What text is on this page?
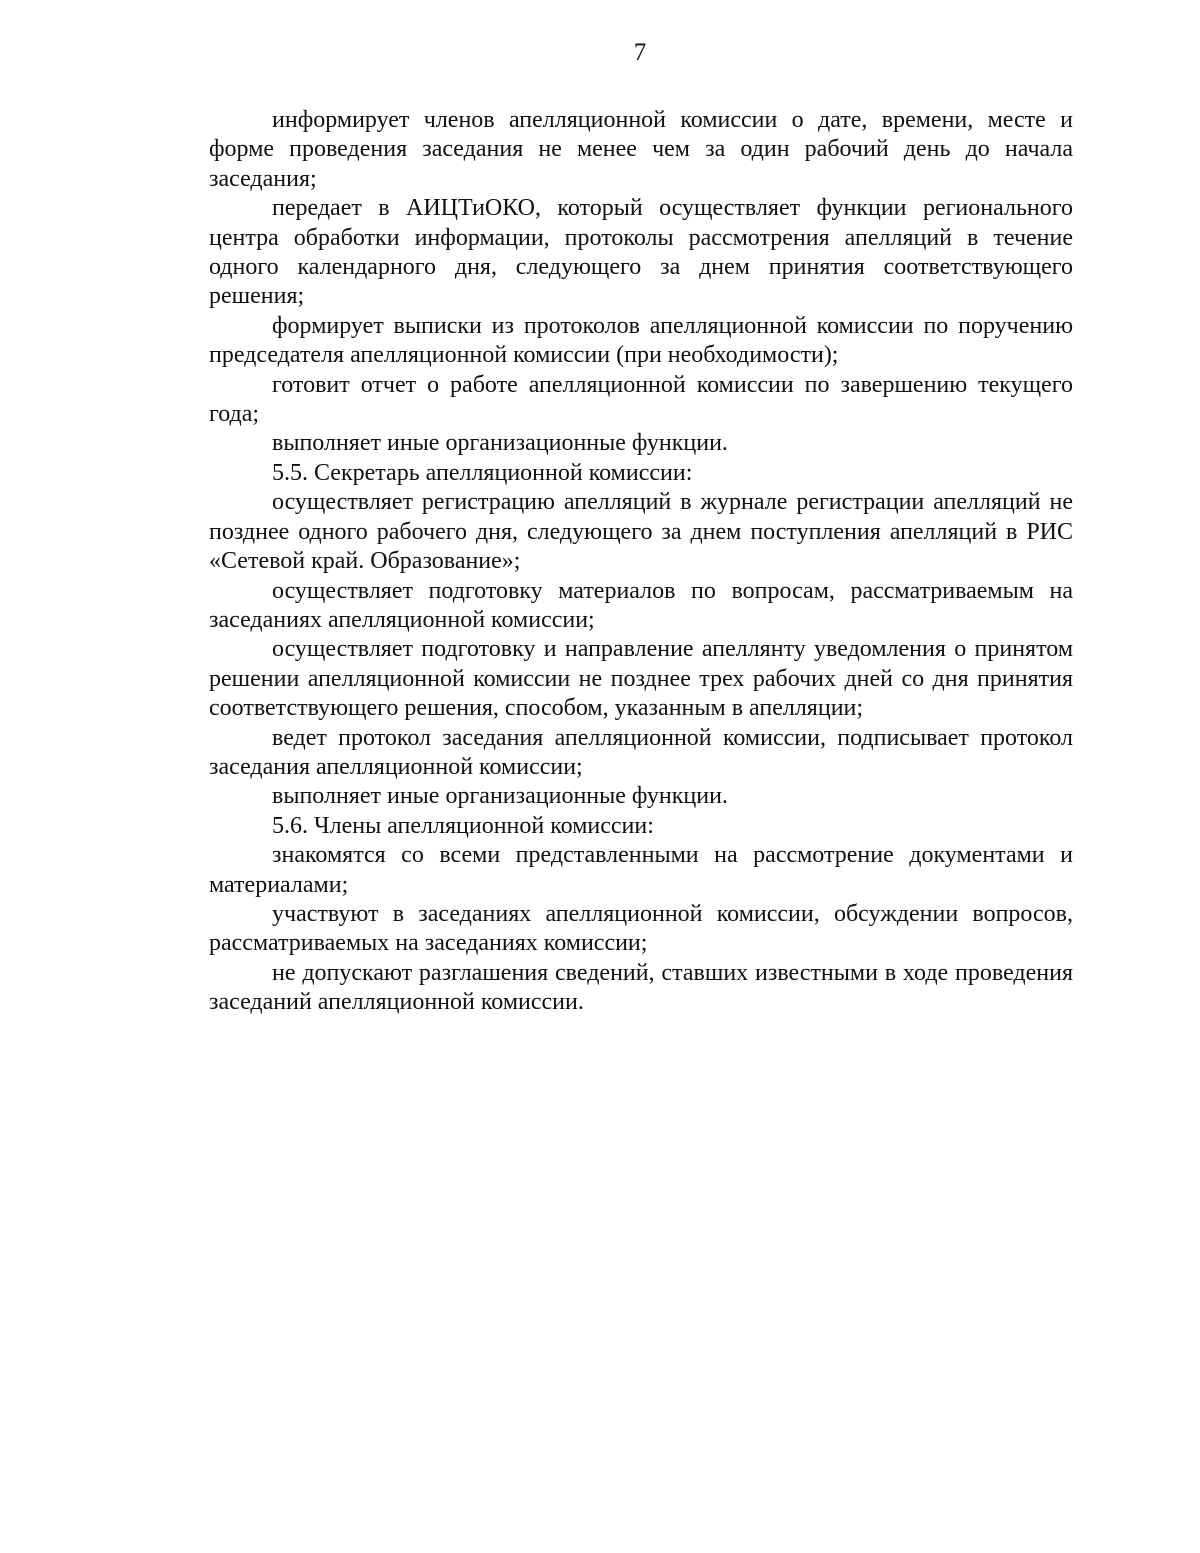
7

информирует членов апелляционной комиссии о дате, времени, месте и форме проведения заседания не менее чем за один рабочий день до начала заседания;

передает в АИЦТиОКО, который осуществляет функции регионального центра обработки информации, протоколы рассмотрения апелляций в течение одного календарного дня, следующего за днем принятия соответствующего решения;

формирует выписки из протоколов апелляционной комиссии по поручению председателя апелляционной комиссии (при необходимости);

готовит отчет о работе апелляционной комиссии по завершению текущего года;

выполняет иные организационные функции.

5.5. Секретарь апелляционной комиссии:

осуществляет регистрацию апелляций в журнале регистрации апелляций не позднее одного рабочего дня, следующего за днем поступления апелляций в РИС «Сетевой край. Образование»;

осуществляет подготовку материалов по вопросам, рассматриваемым на заседаниях апелляционной комиссии;

осуществляет подготовку и направление апеллянту уведомления о принятом решении апелляционной комиссии не позднее трех рабочих дней со дня принятия соответствующего решения, способом, указанным в апелляции;

ведет протокол заседания апелляционной комиссии, подписывает протокол заседания апелляционной комиссии;

выполняет иные организационные функции.

5.6. Члены апелляционной комиссии:

знакомятся со всеми представленными на рассмотрение документами и материалами;

участвуют в заседаниях апелляционной комиссии, обсуждении вопросов, рассматриваемых на заседаниях комиссии;

не допускают разглашения сведений, ставших известными в ходе проведения заседаний апелляционной комиссии.
